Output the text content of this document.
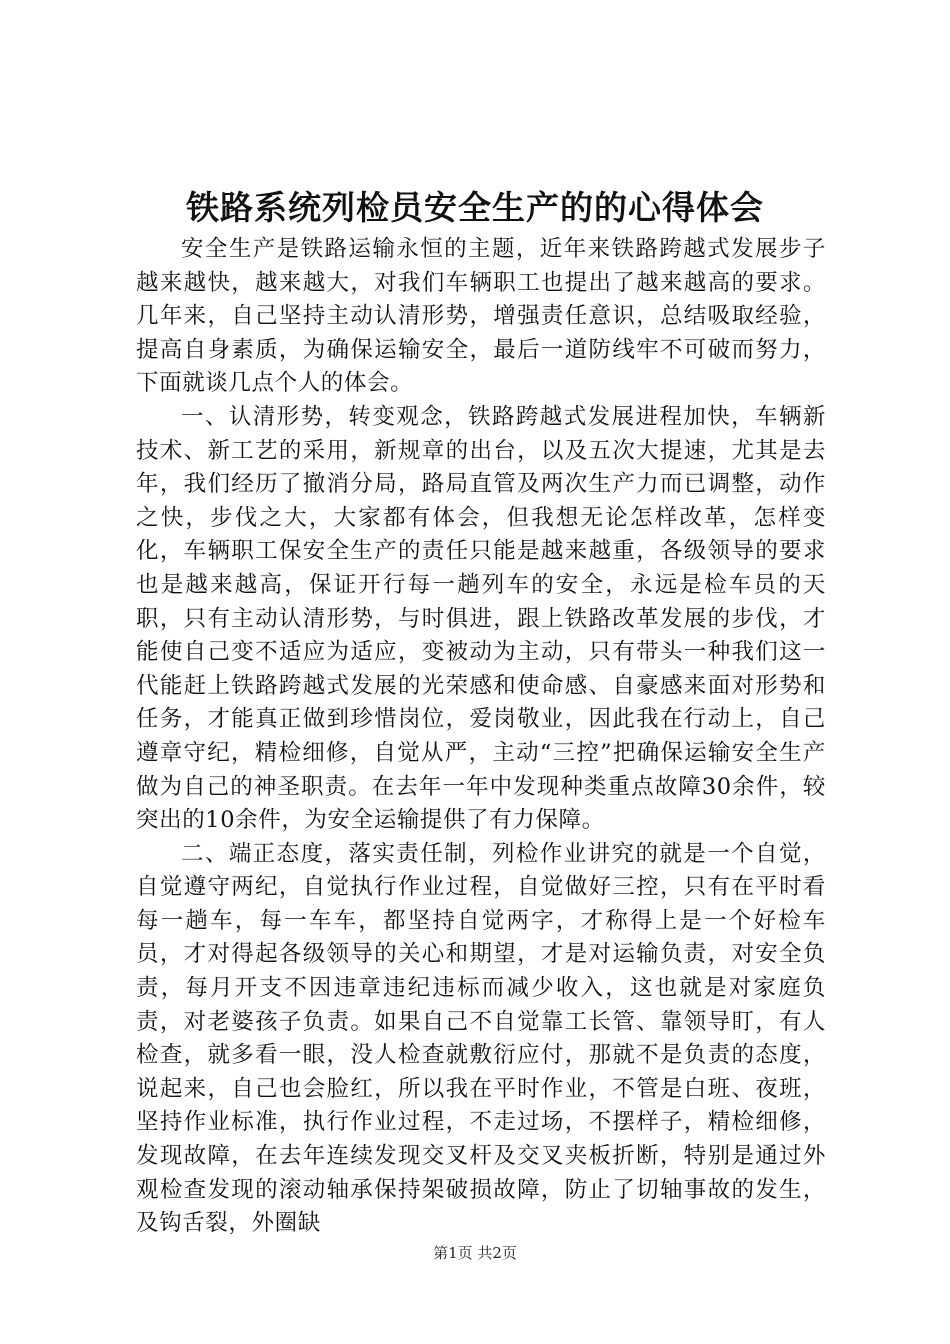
铁路系统列检员安全生产的的心得体会

安全生产是铁路运输永恒的主题，近年来铁路跨越式发展步子越来越快，越来越大，对我们车辆职工也提出了越来越高的要求。几年来，自己坚持主动认清形势，增强责任意识，总结吸取经验，提高自身素质，为确保运输安全，最后一道防线牢不可破而努力，下面就谈几点个人的体会。

一、认清形势，转变观念，铁路跨越式发展进程加快，车辆新技术、新工艺的采用，新规章的出台，以及五次大提速，尤其是去年，我们经历了撤消分局，路局直管及两次生产力而已调整，动作之快，步伐之大，大家都有体会，但我想无论怎样改革，怎样变化，车辆职工保安全生产的责任只能是越来越重，各级领导的要求也是越来越高，保证开行每一趟列车的安全，永远是检车员的天职，只有主动认清形势，与时俱进，跟上铁路改革发展的步伐，才能使自己变不适应为适应，变被动为主动，只有带头一种我们这一代能赶上铁路跨越式发展的光荣感和使命感、自豪感来面对形势和任务，才能真正做到珍惜岗位，爱岗敬业，因此我在行动上，自己遵章守纪，精检细修，自觉从严，主动“三控”把确保运输安全生产做为自己的神圣职责。在去年一年中发现种类重点故障30余件，较突出的10余件，为安全运输提供了有力保障。

二、端正态度，落实责任制，列检作业讲究的就是一个自觉，自觉遵守两纪，自觉执行作业过程，自觉做好三控，只有在平时看每一趟车，每一车车，都坚持自觉两字，才称得上是一个好检车员，才对得起各级领导的关心和期望，才是对运输负责，对安全负责，每月开支不因违章违纪违标而减少收入，这也就是对家庭负责，对老婆孩子负责。如果自己不自觉靠工长管、靠领导盯，有人检查，就多看一眼，没人检查就敷衍应付，那就不是负责的态度，说起来，自己也会脸红，所以我在平时作业，不管是白班、夜班，坚持作业标准，执行作业过程，不走过场，不摆样子，精检细修，发现故障，在去年连续发现交叉杆及交叉夹板折断，特别是通过外观检查发现的滚动轴承保持架破损故障，防止了切轴事故的发生，及钩舌裂，外圈缺

第1页 共2页
